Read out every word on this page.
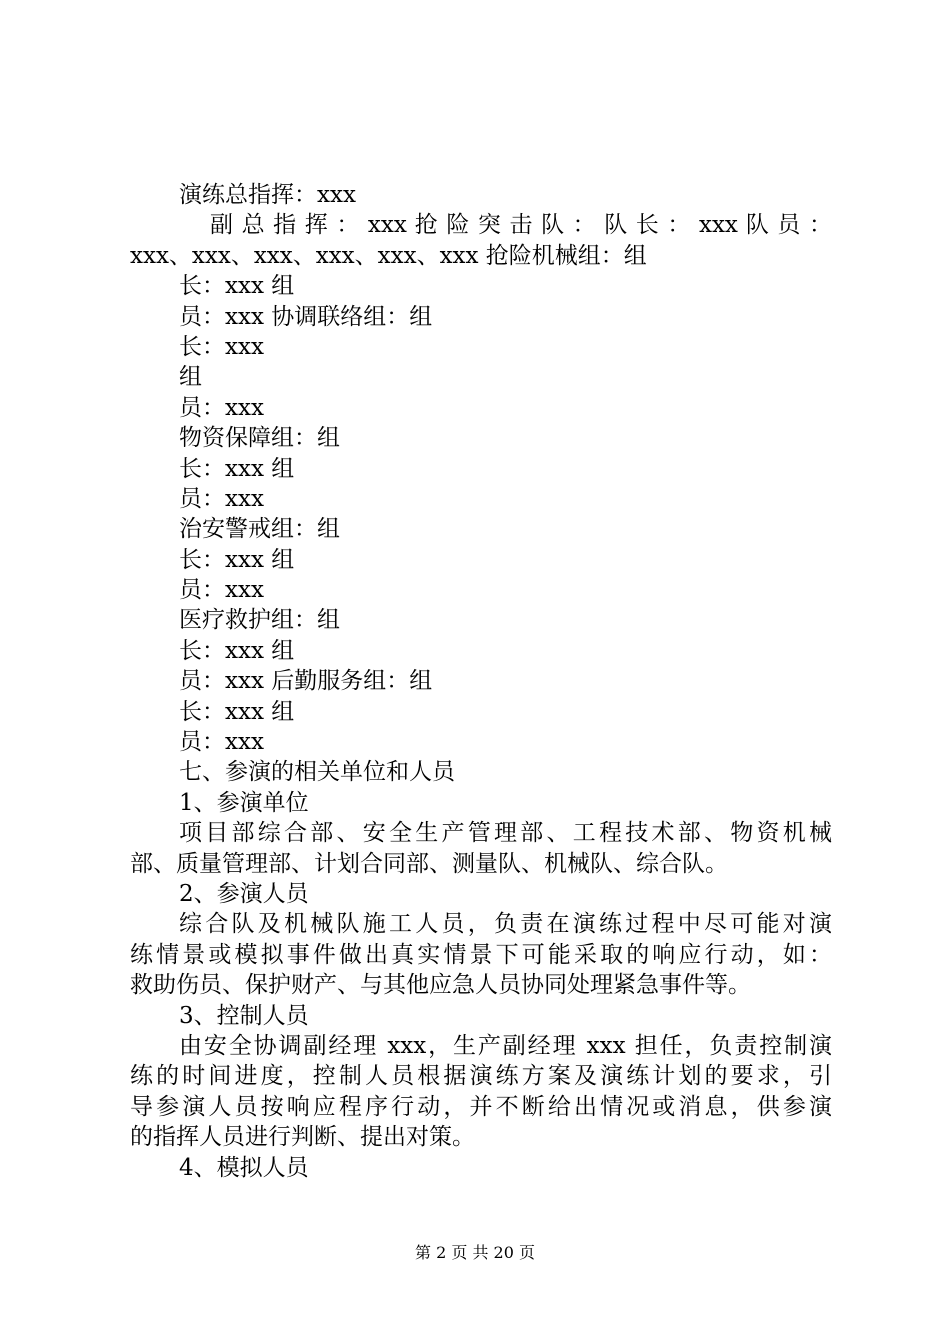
演练总指挥：xxx
副 总 指 挥 ： xxx 抢 险 突 击 队 ： 队 长 ： xxx 队 员 ：
xxx、xxx、xxx、xxx、xxx、xxx 抢险机械组：组
长：xxx 组
员：xxx 协调联络组：组
长：xxx
组
员：xxx
物资保障组：组
长：xxx 组
员：xxx
治安警戒组：组
长：xxx 组
员：xxx
医疗救护组：组
长：xxx 组
员：xxx 后勤服务组：组
长：xxx 组
员：xxx
七、参演的相关单位和人员
1、参演单位
项目部综合部、安全生产管理部、工程技术部、物资机械
部、质量管理部、计划合同部、测量队、机械队、综合队。
2、参演人员
综合队及机械队施工人员，负责在演练过程中尽可能对演
练情景或模拟事件做出真实情景下可能采取的响应行动，如：
救助伤员、保护财产、与其他应急人员协同处理紧急事件等。
3、控制人员
由安全协调副经理 xxx，生产副经理 xxx 担任，负责控制演
练的时间进度，控制人员根据演练方案及演练计划的要求，引
导参演人员按响应程序行动，并不断给出情况或消息，供参演
的指挥人员进行判断、提出对策。
4、模拟人员
第 2 页 共 20 页
